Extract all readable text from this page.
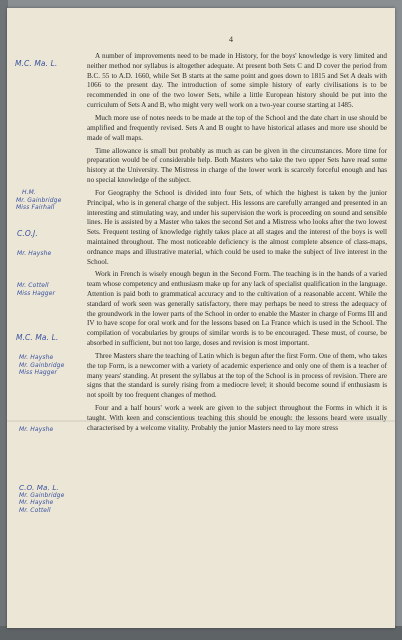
4

M.C. Ma. L.

H.M.
Mr. Gainbridge
Miss Fairhall

C.O.J.

Mr. Hayshe

Mr. Cottell
Miss Hagger

M.C. Ma. L.

Mr. Hayshe
Mr. Gainbridge
Miss Hagger

Mr. Hayshe

C.O. Ma. L.
Mr. Gainbridge
Mr. Hayshe
Mr. Cottell

A number of improvements need to be made in History, for the boys' knowledge is very limited and neither method nor syllabus is altogether adequate. At present both Sets C and D cover the period from B.C. 55 to A.D. 1660, while Set B starts at the same point and goes down to 1815 and Set A deals with 1066 to the present day. The introduction of some simple history of early civilisations is to be recommended in one of the two lower Sets, while a little European history should be put into the curriculum of Sets A and B, who might very well work on a two-year course starting at 1485.

Much more use of notes needs to be made at the top of the School and the date chart in use should be amplified and frequently revised. Sets A and B ought to have historical atlases and more use should be made of wall maps.

Time allowance is small but probably as much as can be given in the circumstances. More time for preparation would be of considerable help. Both Masters who take the two upper Sets have read some history at the University. The Mistress in charge of the lower work is scarcely forceful enough and has no special knowledge of the subject.

For Geography the School is divided into four Sets, of which the highest is taken by the junior Principal, who is in general charge of the subject. His lessons are carefully arranged and presented in an interesting and stimulating way, and under his supervision the work is proceeding on sound and sensible lines. He is assisted by a Master who takes the second Set and a Mistress who looks after the two lowest Sets. Frequent testing of knowledge rightly takes place at all stages and the interest of the boys is well maintained throughout. The most noticeable deficiency is the almost complete absence of class-maps, ordnance maps and illustrative material, which could be used to make the subject of live interest in the School.

Work in French is wisely enough begun in the Second Form. The teaching is in the hands of a varied team whose competency and enthusiasm make up for any lack of specialist qualification in the language. Attention is paid both to grammatical accuracy and to the cultivation of a reasonable accent. While the standard of work seen was generally satisfactory, there may perhaps be need to stress the adequacy of the groundwork in the lower parts of the School in order to enable the Master in charge of Forms III and IV to have scope for oral work and for the lessons based on La France which is used in the School. The compilation of vocabularies by groups of similar words is to be encouraged. These must, of course, be absorbed in sufficient, but not too large, doses and revision is most important.

Three Masters share the teaching of Latin which is begun after the first Form. One of them, who takes the top Form, is a newcomer with a variety of academic experience and only one of them is a teacher of many years' standing. At present the syllabus at the top of the School is in process of revision. There are signs that the standard is surely rising from a mediocre level; it should become sound if enthusiasm is not spoilt by too frequent changes of method.

Four and a half hours' work a week are given to the subject throughout the Forms in which it is taught. With keen and conscientious teaching this should be enough: the lessons heard were usually characterised by a welcome vitality. Probably the junior Masters need to lay more stress
